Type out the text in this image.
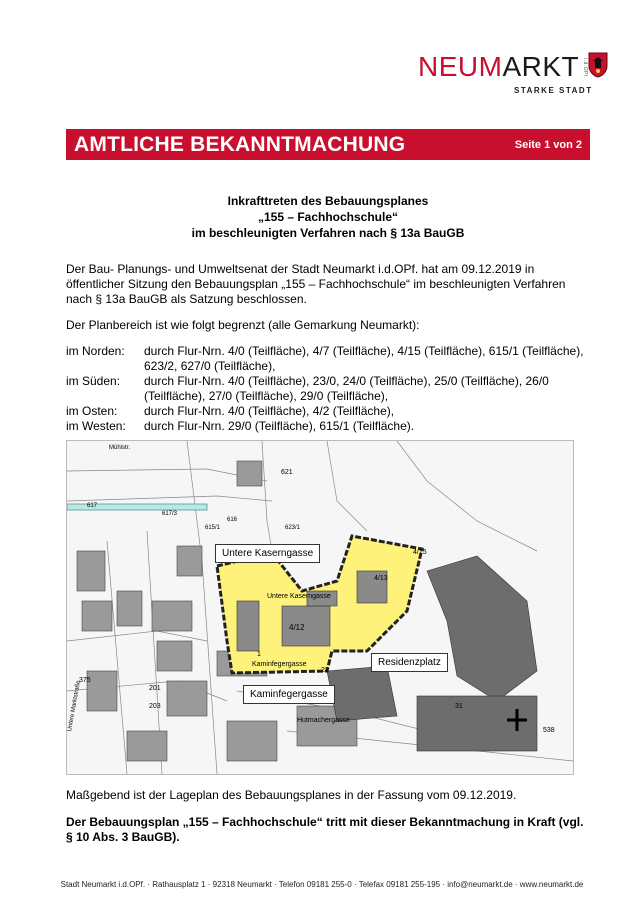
NEUMARKT
STARKE STADT
i.d.OPf.
AMTLICHE BEKANNTMACHUNG	Seite 1 von 2
Inkrafttreten des Bebauungsplanes
„155 – Fachhochschule“
im beschleunigten Verfahren nach § 13a BauGB
Der Bau- Planungs- und Umweltsenat der Stadt Neumarkt i.d.OPf. hat am 09.12.2019 in öffentlicher Sitzung den Bebauungsplan „155 – Fachhochschule“ im beschleunigten Verfahren nach § 13a BauGB als Satzung beschlossen.
Der Planbereich ist wie folgt begrenzt (alle Gemarkung Neumarkt):
im Norden:	durch Flur-Nrn. 4/0 (Teilfläche), 4/7 (Teilfläche), 4/15 (Teilfläche), 615/1 (Teilfläche), 623/2, 627/0 (Teilfläche),
im Süden:	durch Flur-Nrn. 4/0 (Teilfläche), 23/0, 24/0 (Teilfläche), 25/0 (Teilfläche), 26/0 (Teilfläche), 27/0 (Teilfläche), 29/0 (Teilfläche),
im Osten:	durch Flur-Nrn. 4/0 (Teilfläche), 4/2 (Teilfläche),
im Westen:	durch Flur-Nrn. 29/0 (Teilfläche), 615/1 (Teilfläche).
Untere Kaserngasse
Residenzplatz
Kaminfegergasse
4/12
4/13
4/15
621
617
617/3
616
623/1
615/1
1
22
31
201
203
375
538
Mühlstr.
Untere Kaserngasse
Kaminfegergasse
Hutmachergasse
Untere Marktstraße
Maßgebend ist der Lageplan des Bebauungsplanes in der Fassung vom 09.12.2019.
Der Bebauungsplan „155 – Fachhochschule“ tritt mit dieser Bekanntmachung in Kraft (vgl. § 10 Abs. 3 BauGB).
Stadt Neumarkt i.d.OPf. · Rathausplatz 1 · 92318 Neumarkt · Telefon 09181 255-0 · Telefax 09181 255-195 · info@neumarkt.de · www.neumarkt.de
